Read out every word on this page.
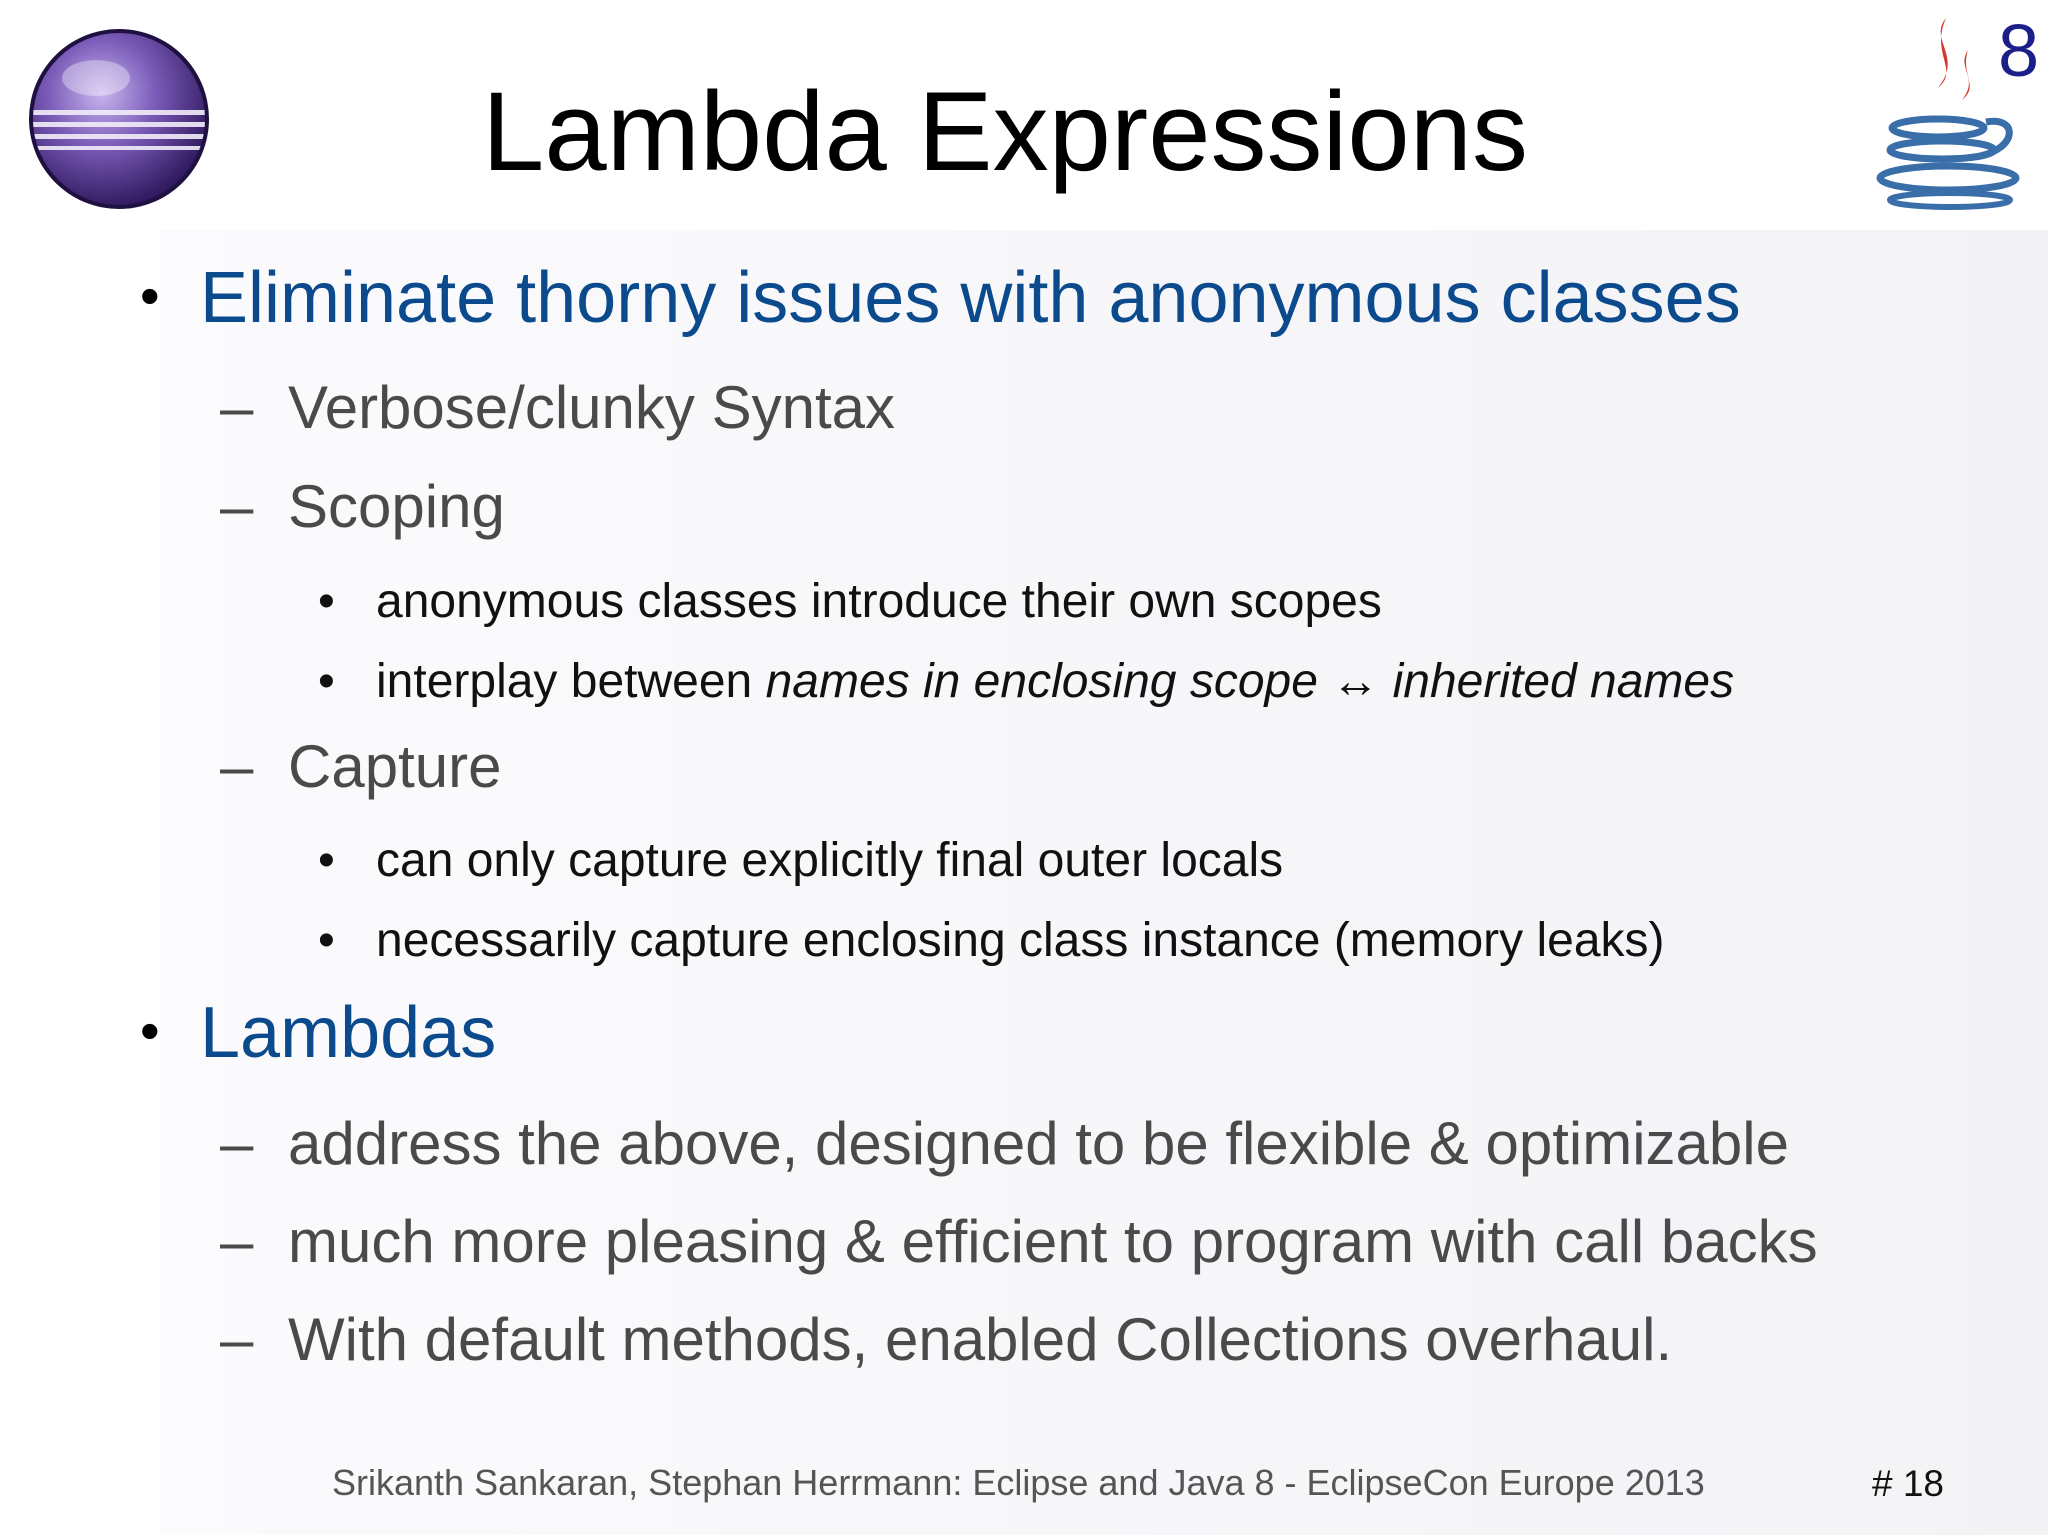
8
Lambda Expressions
• Eliminate thorny issues with anonymous classes
– Verbose/clunky Syntax
– Scoping
• anonymous classes introduce their own scopes
• interplay between names in enclosing scope ↔ inherited names
– Capture
• can only capture explicitly final outer locals
• necessarily capture enclosing class instance (memory leaks)
• Lambdas
– address the above, designed to be flexible & optimizable
– much more pleasing & efficient to program with call backs
– With default methods, enabled Collections overhaul.
Srikanth Sankaran, Stephan Herrmann: Eclipse and Java 8 - EclipseCon Europe 2013	# 18
